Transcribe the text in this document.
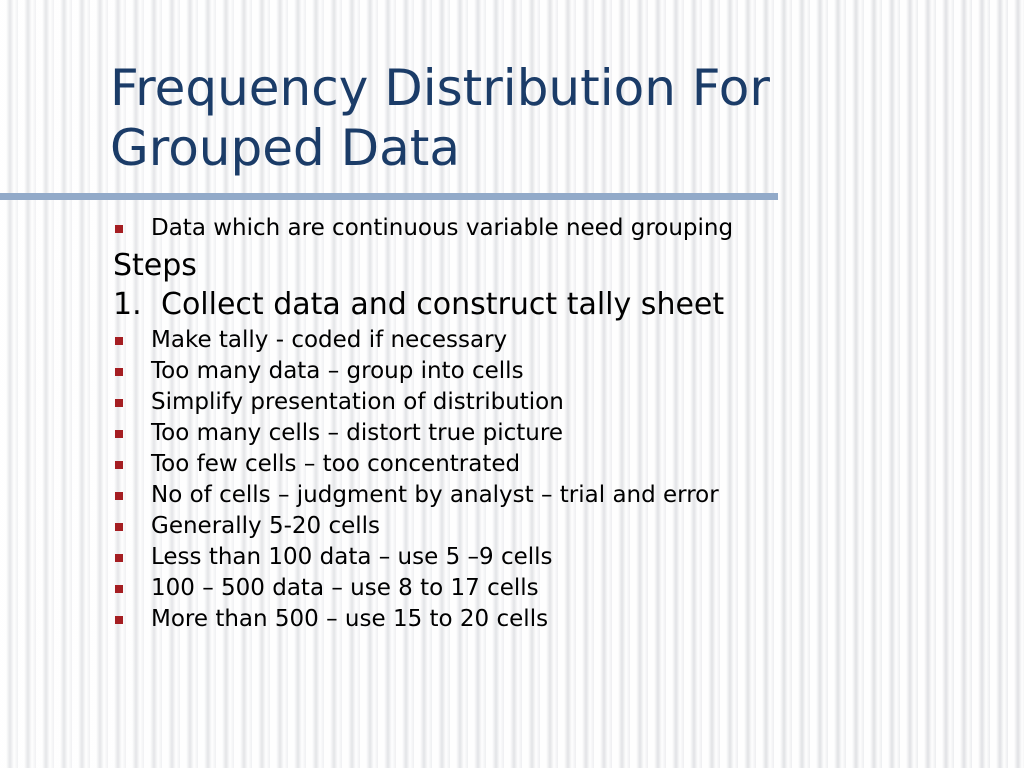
Frequency Distribution For
Grouped Data
Data which are continuous variable need grouping
Steps
1. Collect data and construct tally sheet
Make tally - coded if necessary
Too many data – group into cells
Simplify presentation of distribution
Too many cells – distort true picture
Too few cells – too concentrated
No of cells – judgment by analyst – trial and error
Generally 5-20 cells
Less than 100 data – use 5 –9 cells
100 – 500 data – use 8 to 17 cells
More than 500 – use 15 to 20 cells
